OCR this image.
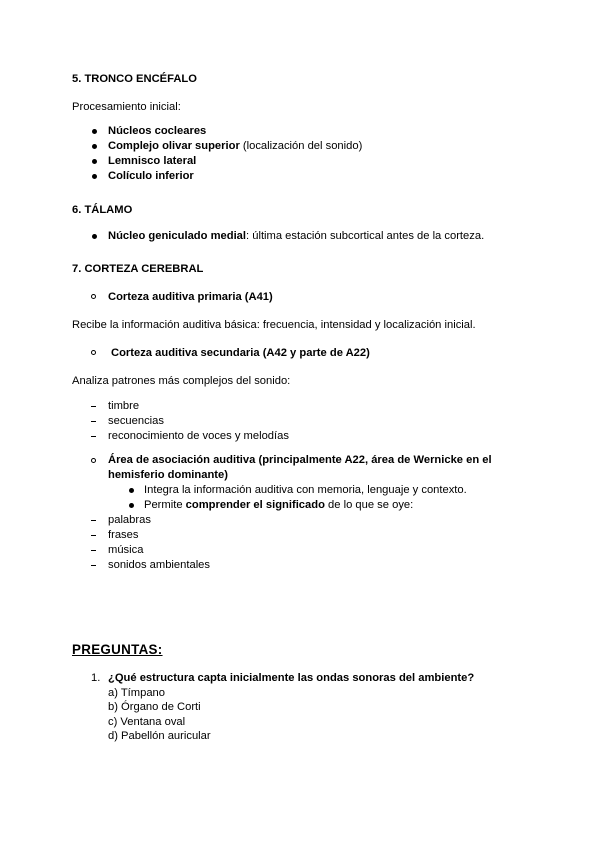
5. TRONCO ENCÉFALO
Procesamiento inicial:
Núcleos cocleares
Complejo olivar superior (localización del sonido)
Lemnisco lateral
Colículo inferior
6. TÁLAMO
Núcleo geniculado medial: última estación subcortical antes de la corteza.
7. CORTEZA CEREBRAL
Corteza auditiva primaria (A41)
Recibe la información auditiva básica: frecuencia, intensidad y localización inicial.
Corteza auditiva secundaria (A42 y parte de A22)
Analiza patrones más complejos del sonido:
timbre
secuencias
reconocimiento de voces y melodías
Área de asociación auditiva (principalmente A22, área de Wernicke en el
hemisferio dominante)
Integra la información auditiva con memoria, lenguaje y contexto.
Permite comprender el significado de lo que se oye:
palabras
frases
música
sonidos ambientales
PREGUNTAS:
1. ¿Qué estructura capta inicialmente las ondas sonoras del ambiente?
a) Tímpano
b) Órgano de Corti
c) Ventana oval
d) Pabellón auricular
